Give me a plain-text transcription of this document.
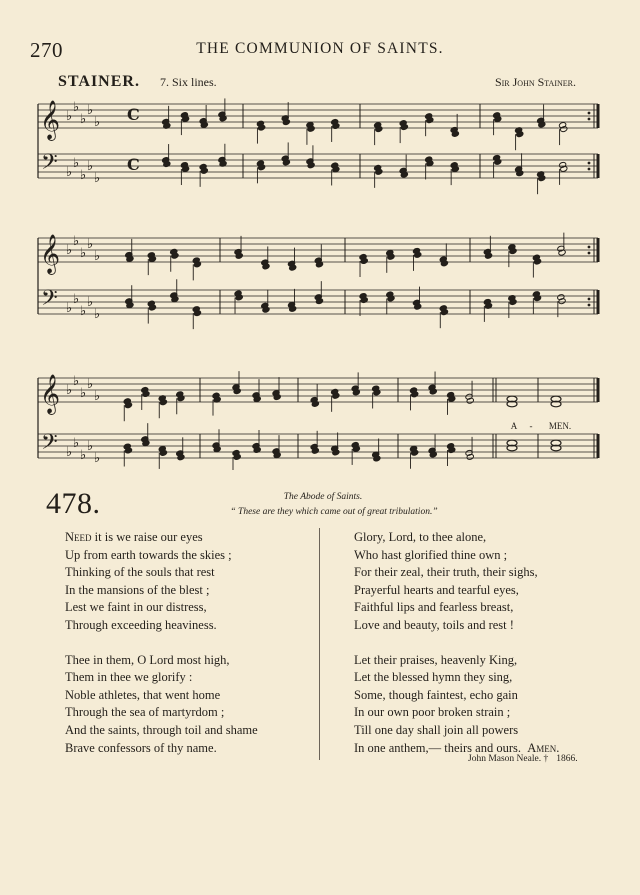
270	THE COMMUNION OF SAINTS.
STAINER. 7. Six lines.	Sir John Stainer.
𝄞 ♭
♭
♭
♭
♭ C
𝄢 ♭
♭
♭
♭
♭
C
𝄞 ♭
♭
♭
♭
♭
𝄢 ♭
♭
♭
♭
♭
𝄞 ♭
♭
♭
♭
♭
𝄢 ♭
♭
♭
♭
♭
A - MEN.
478.	The Abode of Saints.
“ These are they which came out of great tribulation.”
Need it is we raise our eyes
Up from earth towards the skies ;
Thinking of the souls that rest
In the mansions of the blest ;
Lest we faint in our distress,
Through exceeding heaviness.
Thee in them, O Lord most high,
Them in thee we glorify :
Noble athletes, that went home
Through the sea of martyrdom ;
And the saints, through toil and shame
Brave confessors of thy name.
Glory, Lord, to thee alone,
Who hast glorified thine own ;
For their zeal, their truth, their sighs,
Prayerful hearts and tearful eyes,
Faithful lips and fearless breast,
Love and beauty, toils and rest !
Let their praises, heavenly King,
Let the blessed hymn they sing,
Some, though faintest, echo gain
In our own poor broken strain ;
Till one day shall join all powers
In one anthem,— theirs and ours. Amen.
John Mason Neale. † 1866.
